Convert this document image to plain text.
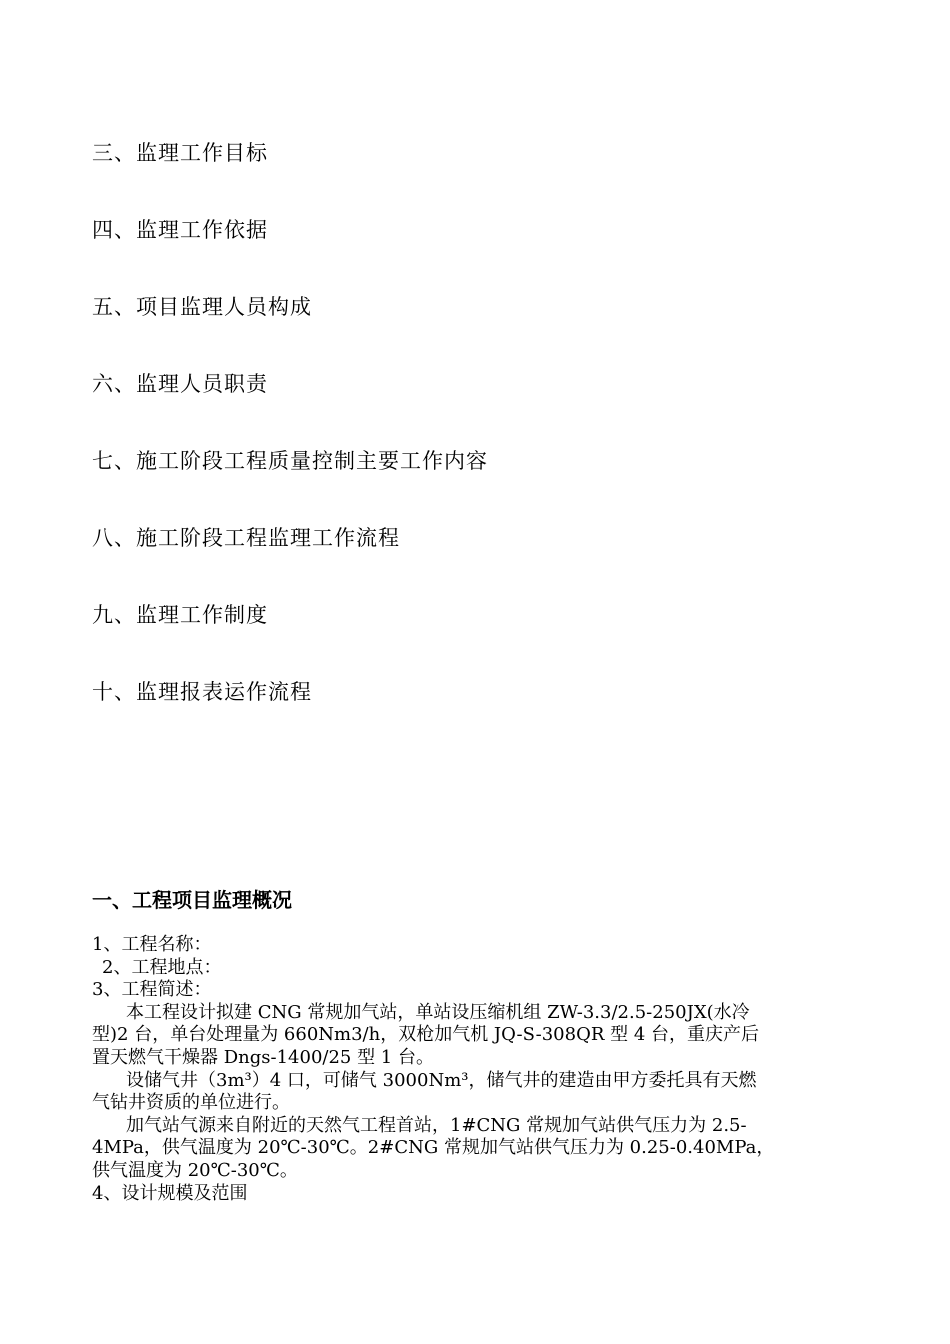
三、监理工作目标
四、监理工作依据
五、项目监理人员构成
六、监理人员职责
七、施工阶段工程质量控制主要工作内容
八、施工阶段工程监理工作流程
九、监理工作制度
十、监理报表运作流程
一、工程项目监理概况
1、工程名称：
2、工程地点：
3、工程简述：
本工程设计拟建 CNG 常规加气站，单站设压缩机组 ZW-3.3/2.5-250JX(水冷
型)2 台，单台处理量为 660Nm3/h，双枪加气机 JQ-S-308QR 型 4 台，重庆产后
置天燃气干燥器 Dngs-1400/25 型 1 台。
设储气井（3m³）4 口，可储气 3000Nm³，储气井的建造由甲方委托具有天燃
气钻井资质的单位进行。
加气站气源来自附近的天然气工程首站，1#CNG 常规加气站供气压力为 2.5-
4MPa，供气温度为 20℃-30℃。2#CNG 常规加气站供气压力为 0.25-0.40MPa，
供气温度为 20℃-30℃。
4、设计规模及范围
